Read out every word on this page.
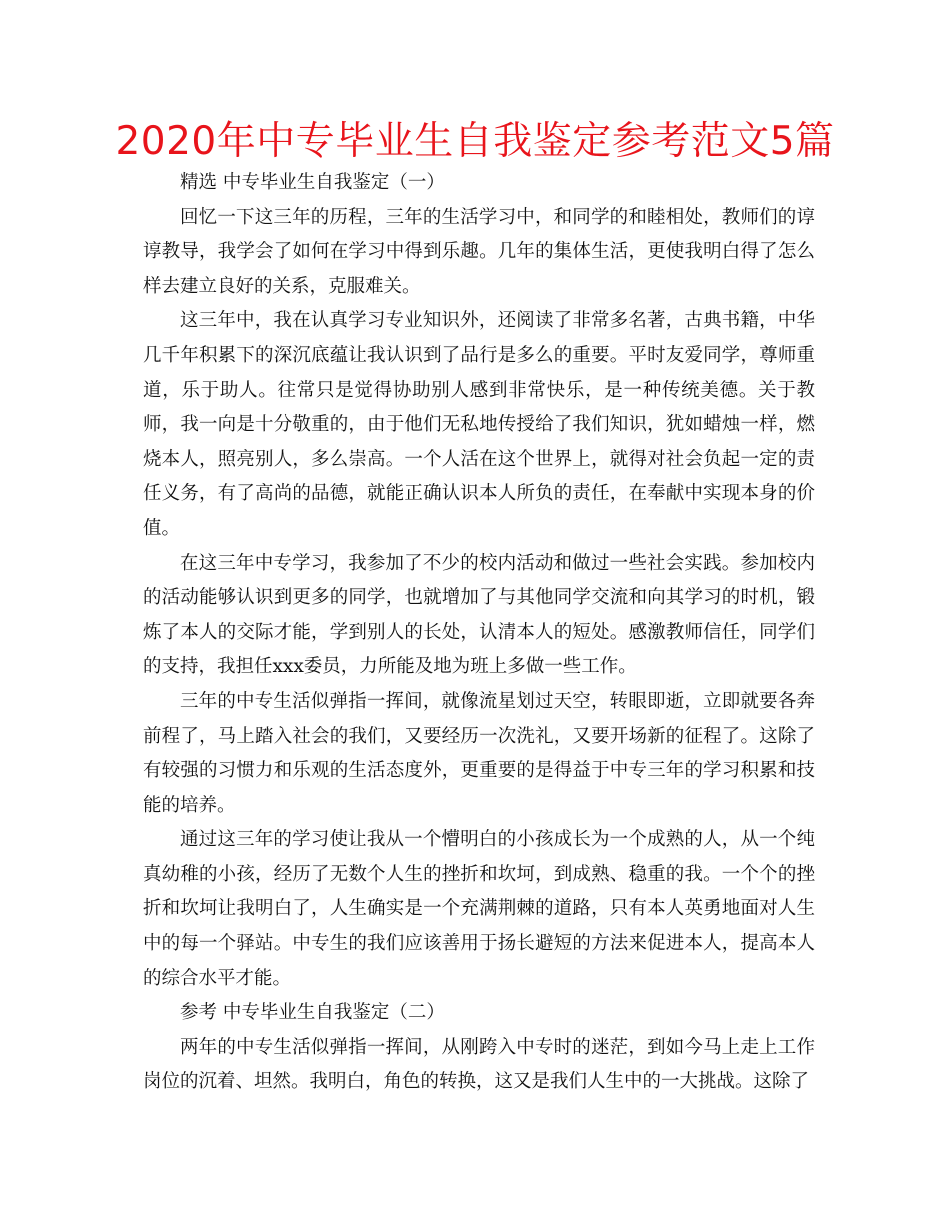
2020年中专毕业生自我鉴定参考范文5篇

精选 中专毕业生自我鉴定（一）

回忆一下这三年的历程，三年的生活学习中，和同学的和睦相处，教师们的谆谆教导，我学会了如何在学习中得到乐趣。几年的集体生活，更使我明白得了怎么样去建立良好的关系，克服难关。

这三年中，我在认真学习专业知识外，还阅读了非常多名著，古典书籍，中华几千年积累下的深沉底蕴让我认识到了品行是多么的重要。平时友爱同学，尊师重道，乐于助人。往常只是觉得协助别人感到非常快乐，是一种传统美德。关于教师，我一向是十分敬重的，由于他们无私地传授给了我们知识，犹如蜡烛一样，燃烧本人，照亮别人，多么崇高。一个人活在这个世界上，就得对社会负起一定的责任义务，有了高尚的品德，就能正确认识本人所负的责任，在奉献中实现本身的价值。

在这三年中专学习，我参加了不少的校内活动和做过一些社会实践。参加校内的活动能够认识到更多的同学，也就增加了与其他同学交流和向其学习的时机，锻炼了本人的交际才能，学到别人的长处，认清本人的短处。感激教师信任，同学们的支持，我担任xxx委员，力所能及地为班上多做一些工作。

三年的中专生活似弹指一挥间，就像流星划过天空，转眼即逝，立即就要各奔前程了，马上踏入社会的我们，又要经历一次洗礼，又要开场新的征程了。这除了有较强的习惯力和乐观的生活态度外，更重要的是得益于中专三年的学习积累和技能的培养。

通过这三年的学习使让我从一个懵明白的小孩成长为一个成熟的人，从一个纯真幼稚的小孩，经历了无数个人生的挫折和坎坷，到成熟、稳重的我。一个个的挫折和坎坷让我明白了，人生确实是一个充满荆棘的道路，只有本人英勇地面对人生中的每一个驿站。中专生的我们应该善用于扬长避短的方法来促进本人，提高本人的综合水平才能。

参考 中专毕业生自我鉴定（二）

两年的中专生活似弹指一挥间，从刚跨入中专时的迷茫，到如今马上走上工作岗位的沉着、坦然。我明白，角色的转换，这又是我们人生中的一大挑战。这除了
